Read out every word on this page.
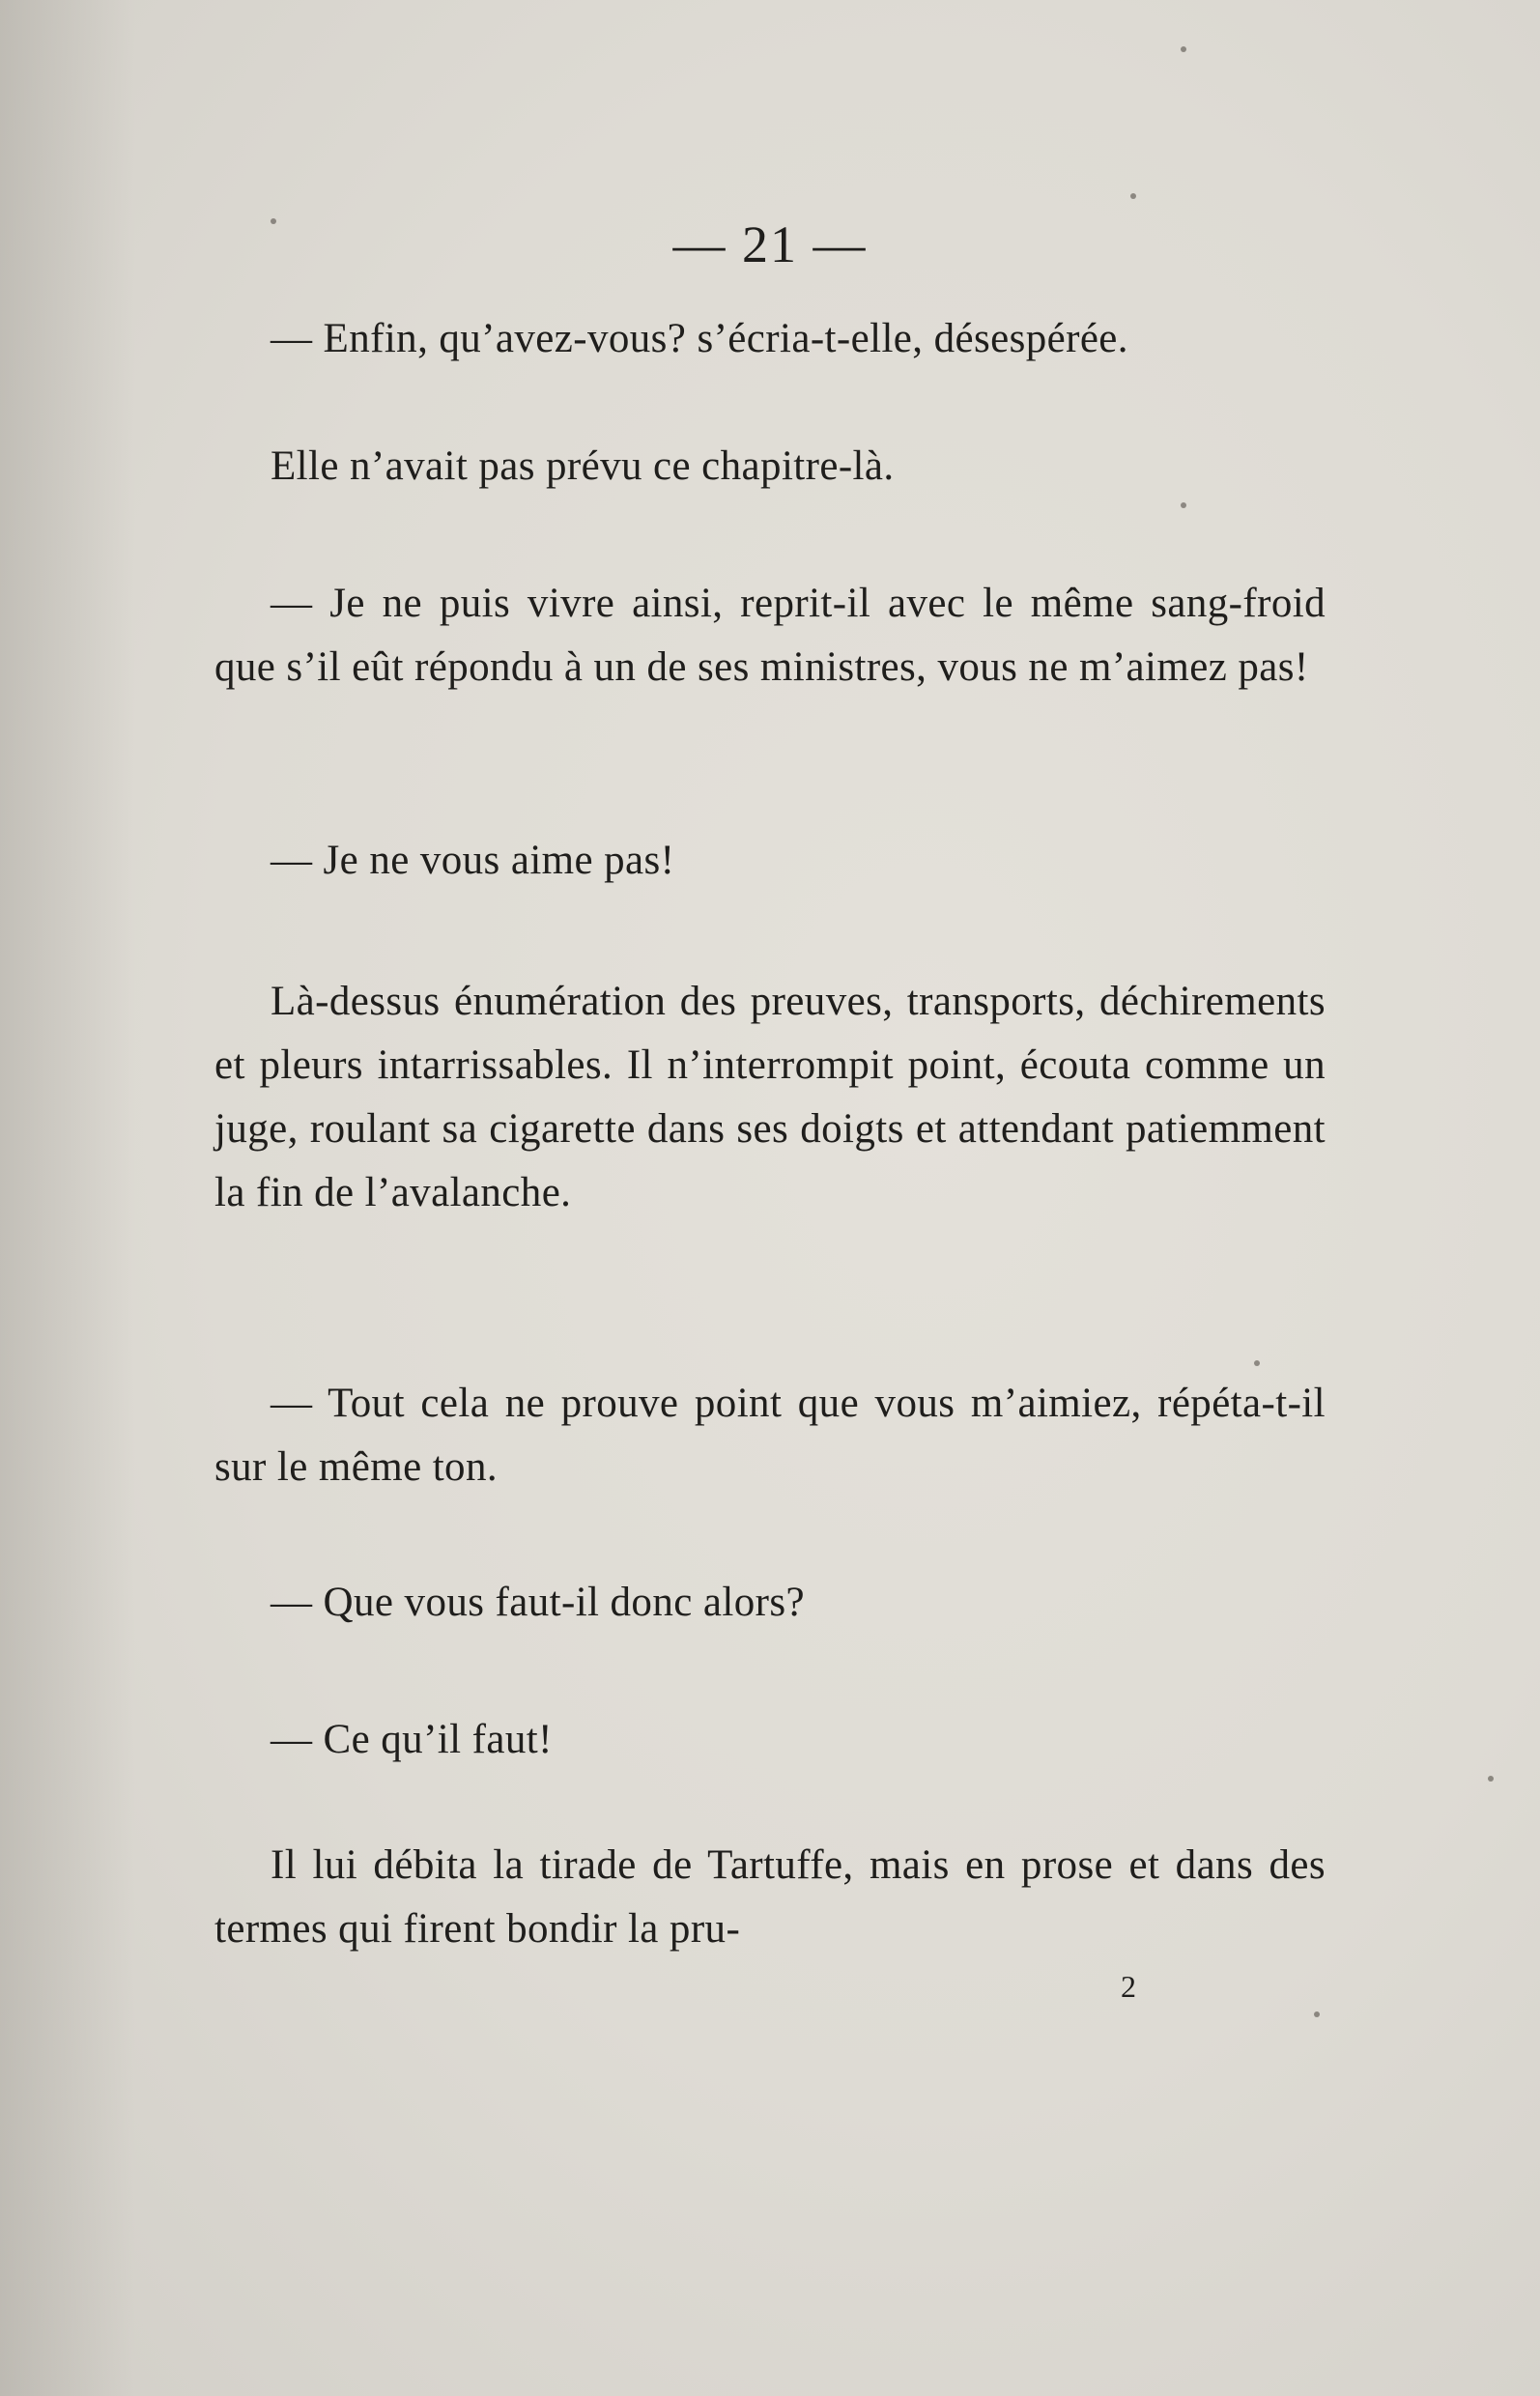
— 21 —

— Enfin, qu’avez-vous? s’écria-t-elle, désespérée.

Elle n’avait pas prévu ce chapitre-là.

— Je ne puis vivre ainsi, reprit-il avec le même sang-froid que s’il eût répondu à un de ses ministres, vous ne m’aimez pas!

— Je ne vous aime pas!

Là-dessus énumération des preuves, transports, déchirements et pleurs intarrissables. Il n’interrompit point, écouta comme un juge, roulant sa cigarette dans ses doigts et attendant patiemment la fin de l’avalanche.

— Tout cela ne prouve point que vous m’aimiez, répéta-t-il sur le même ton.

— Que vous faut-il donc alors?

— Ce qu’il faut!

Il lui débita la tirade de Tartuffe, mais en prose et dans des termes qui firent bondir la pru-

2
